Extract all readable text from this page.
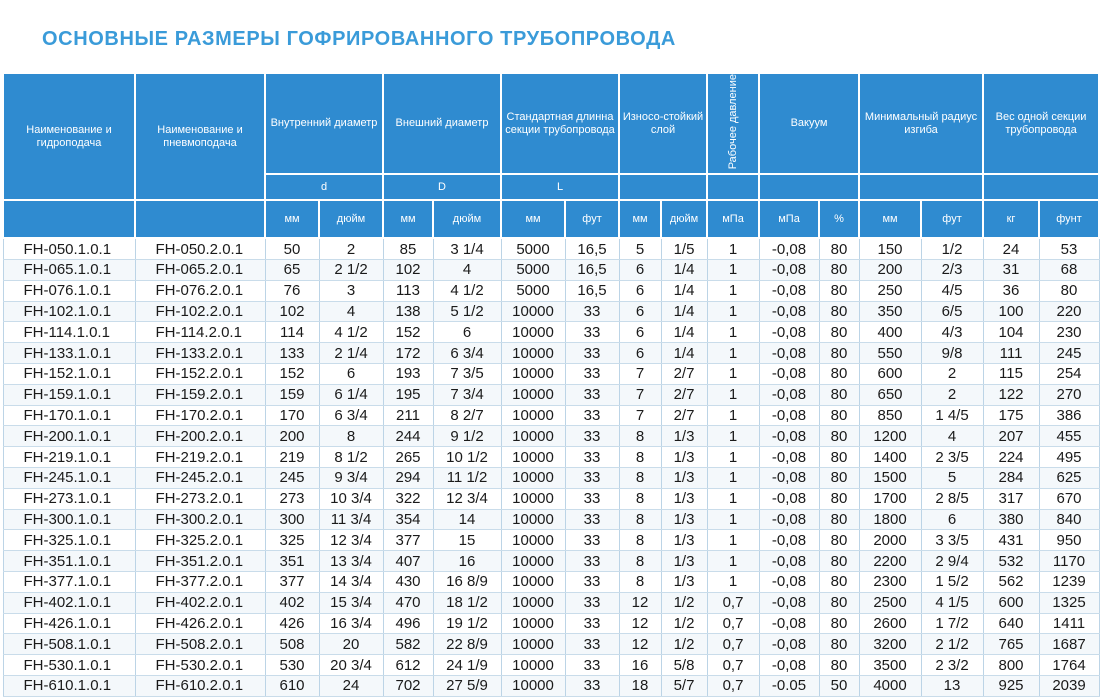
ОСНОВНЫЕ РАЗМЕРЫ ГОФРИРОВАННОГО ТРУБОПРОВОДА
Наименование и гидроподача	Наименование и пневмоподача	Внутренний диаметр		Внешний диаметр		Стандартная длинна секции трубопровода		Износо-стойкий слой		Рабочее давление	Вакуум		Минимальный радиус изгиба		Вес одной секции трубопровода	
		d		D		L										
		мм	дюйм	мм	дюйм	мм	фут	мм	дюйм	мПа	мПа	%	мм	фут	кг	фунт
FH-050.1.0.1	FH-050.2.0.1	50	2	85	3 1/4	5000	16,5	5	1/5	1	-0,08	80	150	1/2	24	53
FH-065.1.0.1	FH-065.2.0.1	65	2 1/2	102	4	5000	16,5	6	1/4	1	-0,08	80	200	2/3	31	68
FH-076.1.0.1	FH-076.2.0.1	76	3	113	4 1/2	5000	16,5	6	1/4	1	-0,08	80	250	4/5	36	80
FH-102.1.0.1	FH-102.2.0.1	102	4	138	5 1/2	10000	33	6	1/4	1	-0,08	80	350	6/5	100	220
FH-114.1.0.1	FH-114.2.0.1	114	4 1/2	152	6	10000	33	6	1/4	1	-0,08	80	400	4/3	104	230
FH-133.1.0.1	FH-133.2.0.1	133	2 1/4	172	6 3/4	10000	33	6	1/4	1	-0,08	80	550	9/8	111	245
FH-152.1.0.1	FH-152.2.0.1	152	6	193	7 3/5	10000	33	7	2/7	1	-0,08	80	600	2	115	254
FH-159.1.0.1	FH-159.2.0.1	159	6 1/4	195	7 3/4	10000	33	7	2/7	1	-0,08	80	650	2	122	270
FH-170.1.0.1	FH-170.2.0.1	170	6 3/4	211	8 2/7	10000	33	7	2/7	1	-0,08	80	850	1 4/5	175	386
FH-200.1.0.1	FH-200.2.0.1	200	8	244	9 1/2	10000	33	8	1/3	1	-0,08	80	1200	4	207	455
FH-219.1.0.1	FH-219.2.0.1	219	8 1/2	265	10 1/2	10000	33	8	1/3	1	-0,08	80	1400	2 3/5	224	495
FH-245.1.0.1	FH-245.2.0.1	245	9 3/4	294	11 1/2	10000	33	8	1/3	1	-0,08	80	1500	5	284	625
FH-273.1.0.1	FH-273.2.0.1	273	10 3/4	322	12 3/4	10000	33	8	1/3	1	-0,08	80	1700	2 8/5	317	670
FH-300.1.0.1	FH-300.2.0.1	300	11 3/4	354	14	10000	33	8	1/3	1	-0,08	80	1800	6	380	840
FH-325.1.0.1	FH-325.2.0.1	325	12 3/4	377	15	10000	33	8	1/3	1	-0,08	80	2000	3 3/5	431	950
FH-351.1.0.1	FH-351.2.0.1	351	13 3/4	407	16	10000	33	8	1/3	1	-0,08	80	2200	2 9/4	532	1170
FH-377.1.0.1	FH-377.2.0.1	377	14 3/4	430	16 8/9	10000	33	8	1/3	1	-0,08	80	2300	1 5/2	562	1239
FH-402.1.0.1	FH-402.2.0.1	402	15 3/4	470	18 1/2	10000	33	12	1/2	0,7	-0,08	80	2500	4 1/5	600	1325
FH-426.1.0.1	FH-426.2.0.1	426	16 3/4	496	19 1/2	10000	33	12	1/2	0,7	-0,08	80	2600	1 7/2	640	1411
FH-508.1.0.1	FH-508.2.0.1	508	20	582	22 8/9	10000	33	12	1/2	0,7	-0,08	80	3200	2 1/2	765	1687
FH-530.1.0.1	FH-530.2.0.1	530	20 3/4	612	24 1/9	10000	33	16	5/8	0,7	-0,08	80	3500	2 3/2	800	1764
FH-610.1.0.1	FH-610.2.0.1	610	24	702	27 5/9	10000	33	18	5/7	0,7	-0.05	50	4000	13	925	2039
